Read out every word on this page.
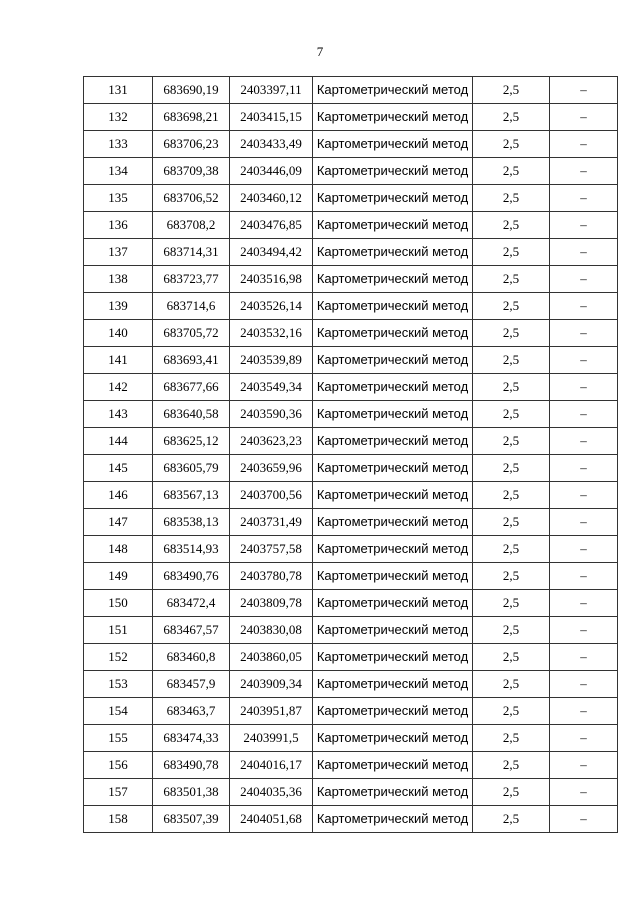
7
131	683690,19	2403397,11	Картометрический метод	2,5	–
132	683698,21	2403415,15	Картометрический метод	2,5	–
133	683706,23	2403433,49	Картометрический метод	2,5	–
134	683709,38	2403446,09	Картометрический метод	2,5	–
135	683706,52	2403460,12	Картометрический метод	2,5	–
136	683708,2	2403476,85	Картометрический метод	2,5	–
137	683714,31	2403494,42	Картометрический метод	2,5	–
138	683723,77	2403516,98	Картометрический метод	2,5	–
139	683714,6	2403526,14	Картометрический метод	2,5	–
140	683705,72	2403532,16	Картометрический метод	2,5	–
141	683693,41	2403539,89	Картометрический метод	2,5	–
142	683677,66	2403549,34	Картометрический метод	2,5	–
143	683640,58	2403590,36	Картометрический метод	2,5	–
144	683625,12	2403623,23	Картометрический метод	2,5	–
145	683605,79	2403659,96	Картометрический метод	2,5	–
146	683567,13	2403700,56	Картометрический метод	2,5	–
147	683538,13	2403731,49	Картометрический метод	2,5	–
148	683514,93	2403757,58	Картометрический метод	2,5	–
149	683490,76	2403780,78	Картометрический метод	2,5	–
150	683472,4	2403809,78	Картометрический метод	2,5	–
151	683467,57	2403830,08	Картометрический метод	2,5	–
152	683460,8	2403860,05	Картометрический метод	2,5	–
153	683457,9	2403909,34	Картометрический метод	2,5	–
154	683463,7	2403951,87	Картометрический метод	2,5	–
155	683474,33	2403991,5	Картометрический метод	2,5	–
156	683490,78	2404016,17	Картометрический метод	2,5	–
157	683501,38	2404035,36	Картометрический метод	2,5	–
158	683507,39	2404051,68	Картометрический метод	2,5	–
